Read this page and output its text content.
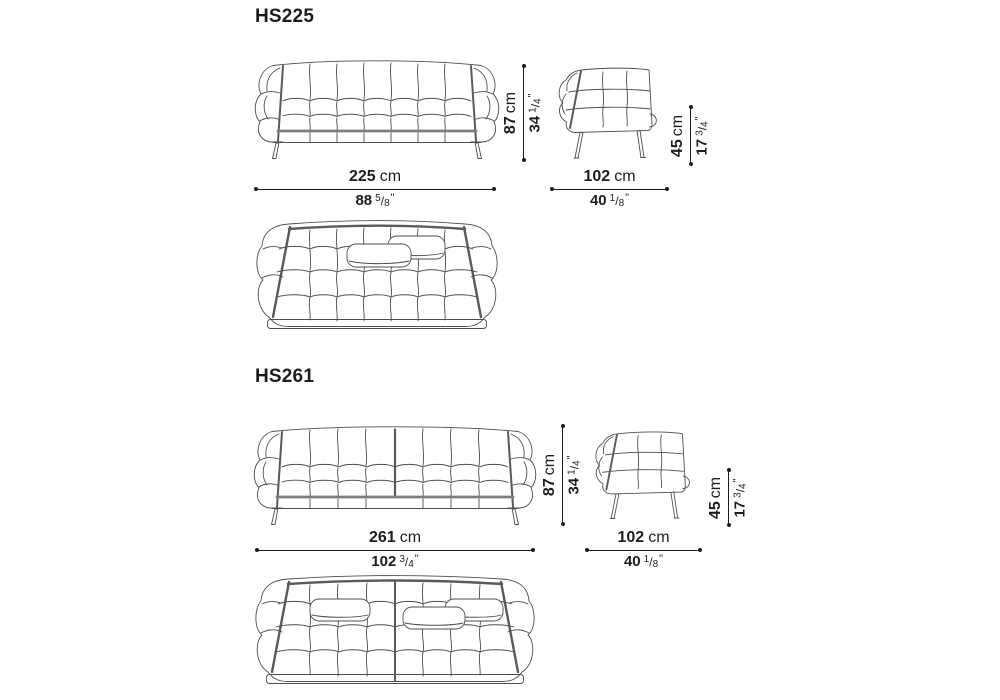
HS225
87cm
$34^1/4^"$
45cm
$17^3/4^"$
225 cm
88 $^5$/8"
102 cm
40 $^1$/8"
HS261
87cm
$34^1/4^"$
45cm
$17^3/4^"$
261 cm
102 $^3$/4"
102 cm
40 $^1$/8"
